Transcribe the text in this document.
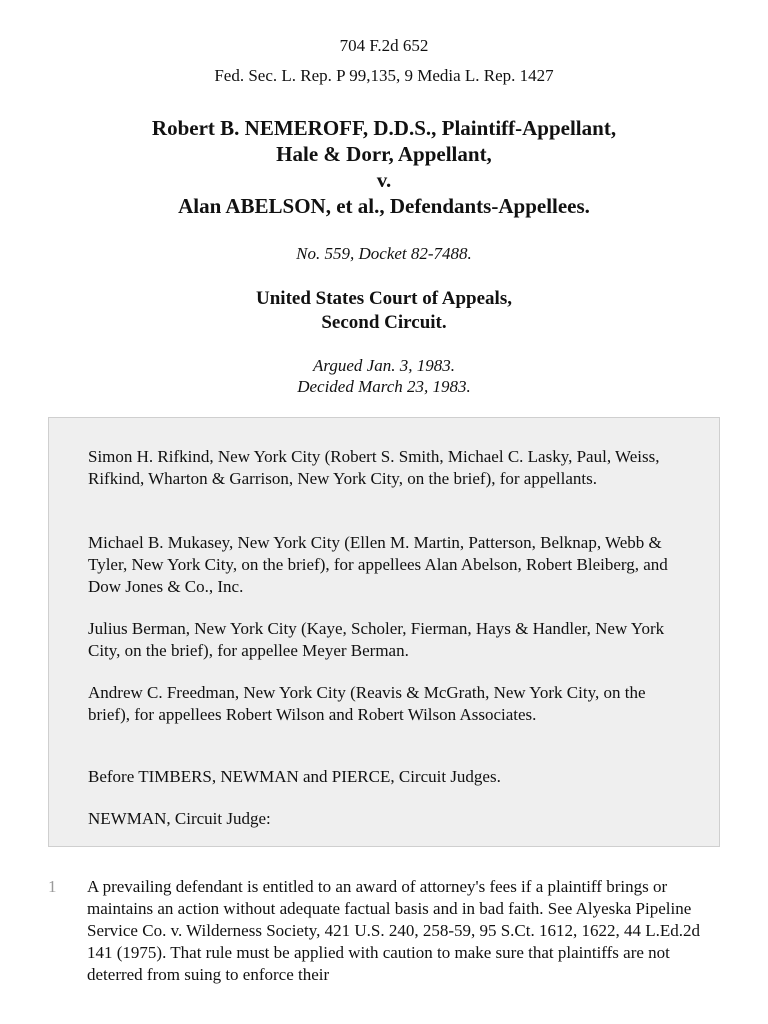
704 F.2d 652
Fed. Sec. L. Rep. P 99,135, 9 Media L. Rep. 1427
Robert B. NEMEROFF, D.D.S., Plaintiff-Appellant,
Hale & Dorr, Appellant,
v.
Alan ABELSON, et al., Defendants-Appellees.
No. 559, Docket 82-7488.
United States Court of Appeals,
Second Circuit.
Argued Jan. 3, 1983.
Decided March 23, 1983.

Simon H. Rifkind, New York City (Robert S. Smith, Michael C. Lasky, Paul, Weiss, Rifkind, Wharton & Garrison, New York City, on the brief), for appellants.

Michael B. Mukasey, New York City (Ellen M. Martin, Patterson, Belknap, Webb & Tyler, New York City, on the brief), for appellees Alan Abelson, Robert Bleiberg, and Dow Jones & Co., Inc.

Julius Berman, New York City (Kaye, Scholer, Fierman, Hays & Handler, New York City, on the brief), for appellee Meyer Berman.

Andrew C. Freedman, New York City (Reavis & McGrath, New York City, on the brief), for appellees Robert Wilson and Robert Wilson Associates.

Before TIMBERS, NEWMAN and PIERCE, Circuit Judges.

NEWMAN, Circuit Judge:

1 A prevailing defendant is entitled to an award of attorney's fees if a plaintiff brings or maintains an action without adequate factual basis and in bad faith. See Alyeska Pipeline Service Co. v. Wilderness Society, 421 U.S. 240, 258-59, 95 S.Ct. 1612, 1622, 44 L.Ed.2d 141 (1975). That rule must be applied with caution to make sure that plaintiffs are not deterred from suing to enforce their
